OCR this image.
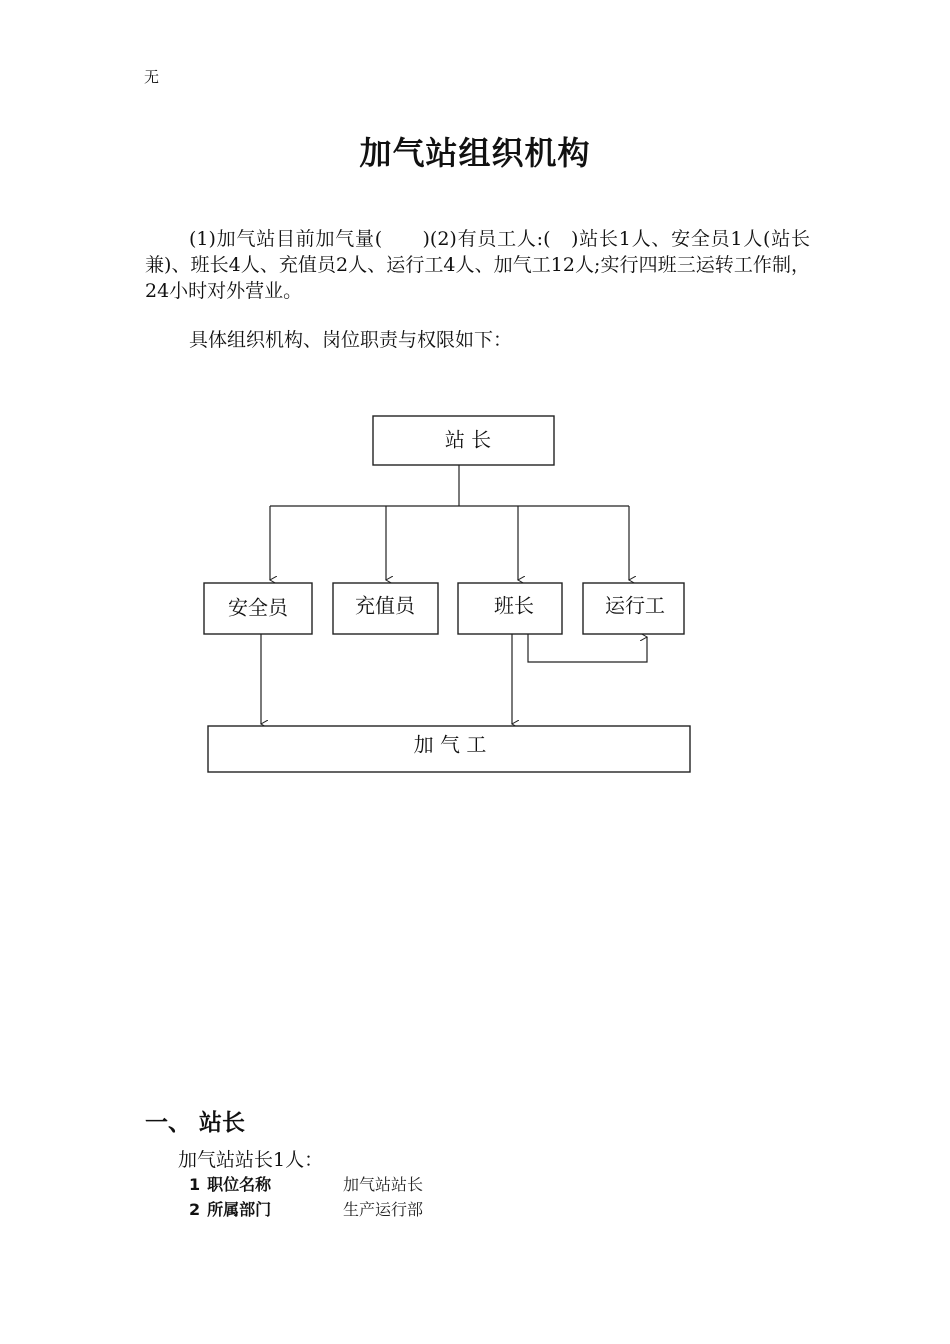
无
加气站组织机构
(1)加气站目前加气量(　　)(2)有员工人:(　)站长1人、安全员1人(站长兼)、班长4人、充值员2人、运行工4人、加气工12人;实行四班三运转工作制，24小时对外营业。
具体组织机构、岗位职责与权限如下：
站 长
安全员	充值员	班长	运行工
加 气 工
一、 站长
加气站站长1人：
1 职位名称	加气站站长
2 所属部门	生产运行部
